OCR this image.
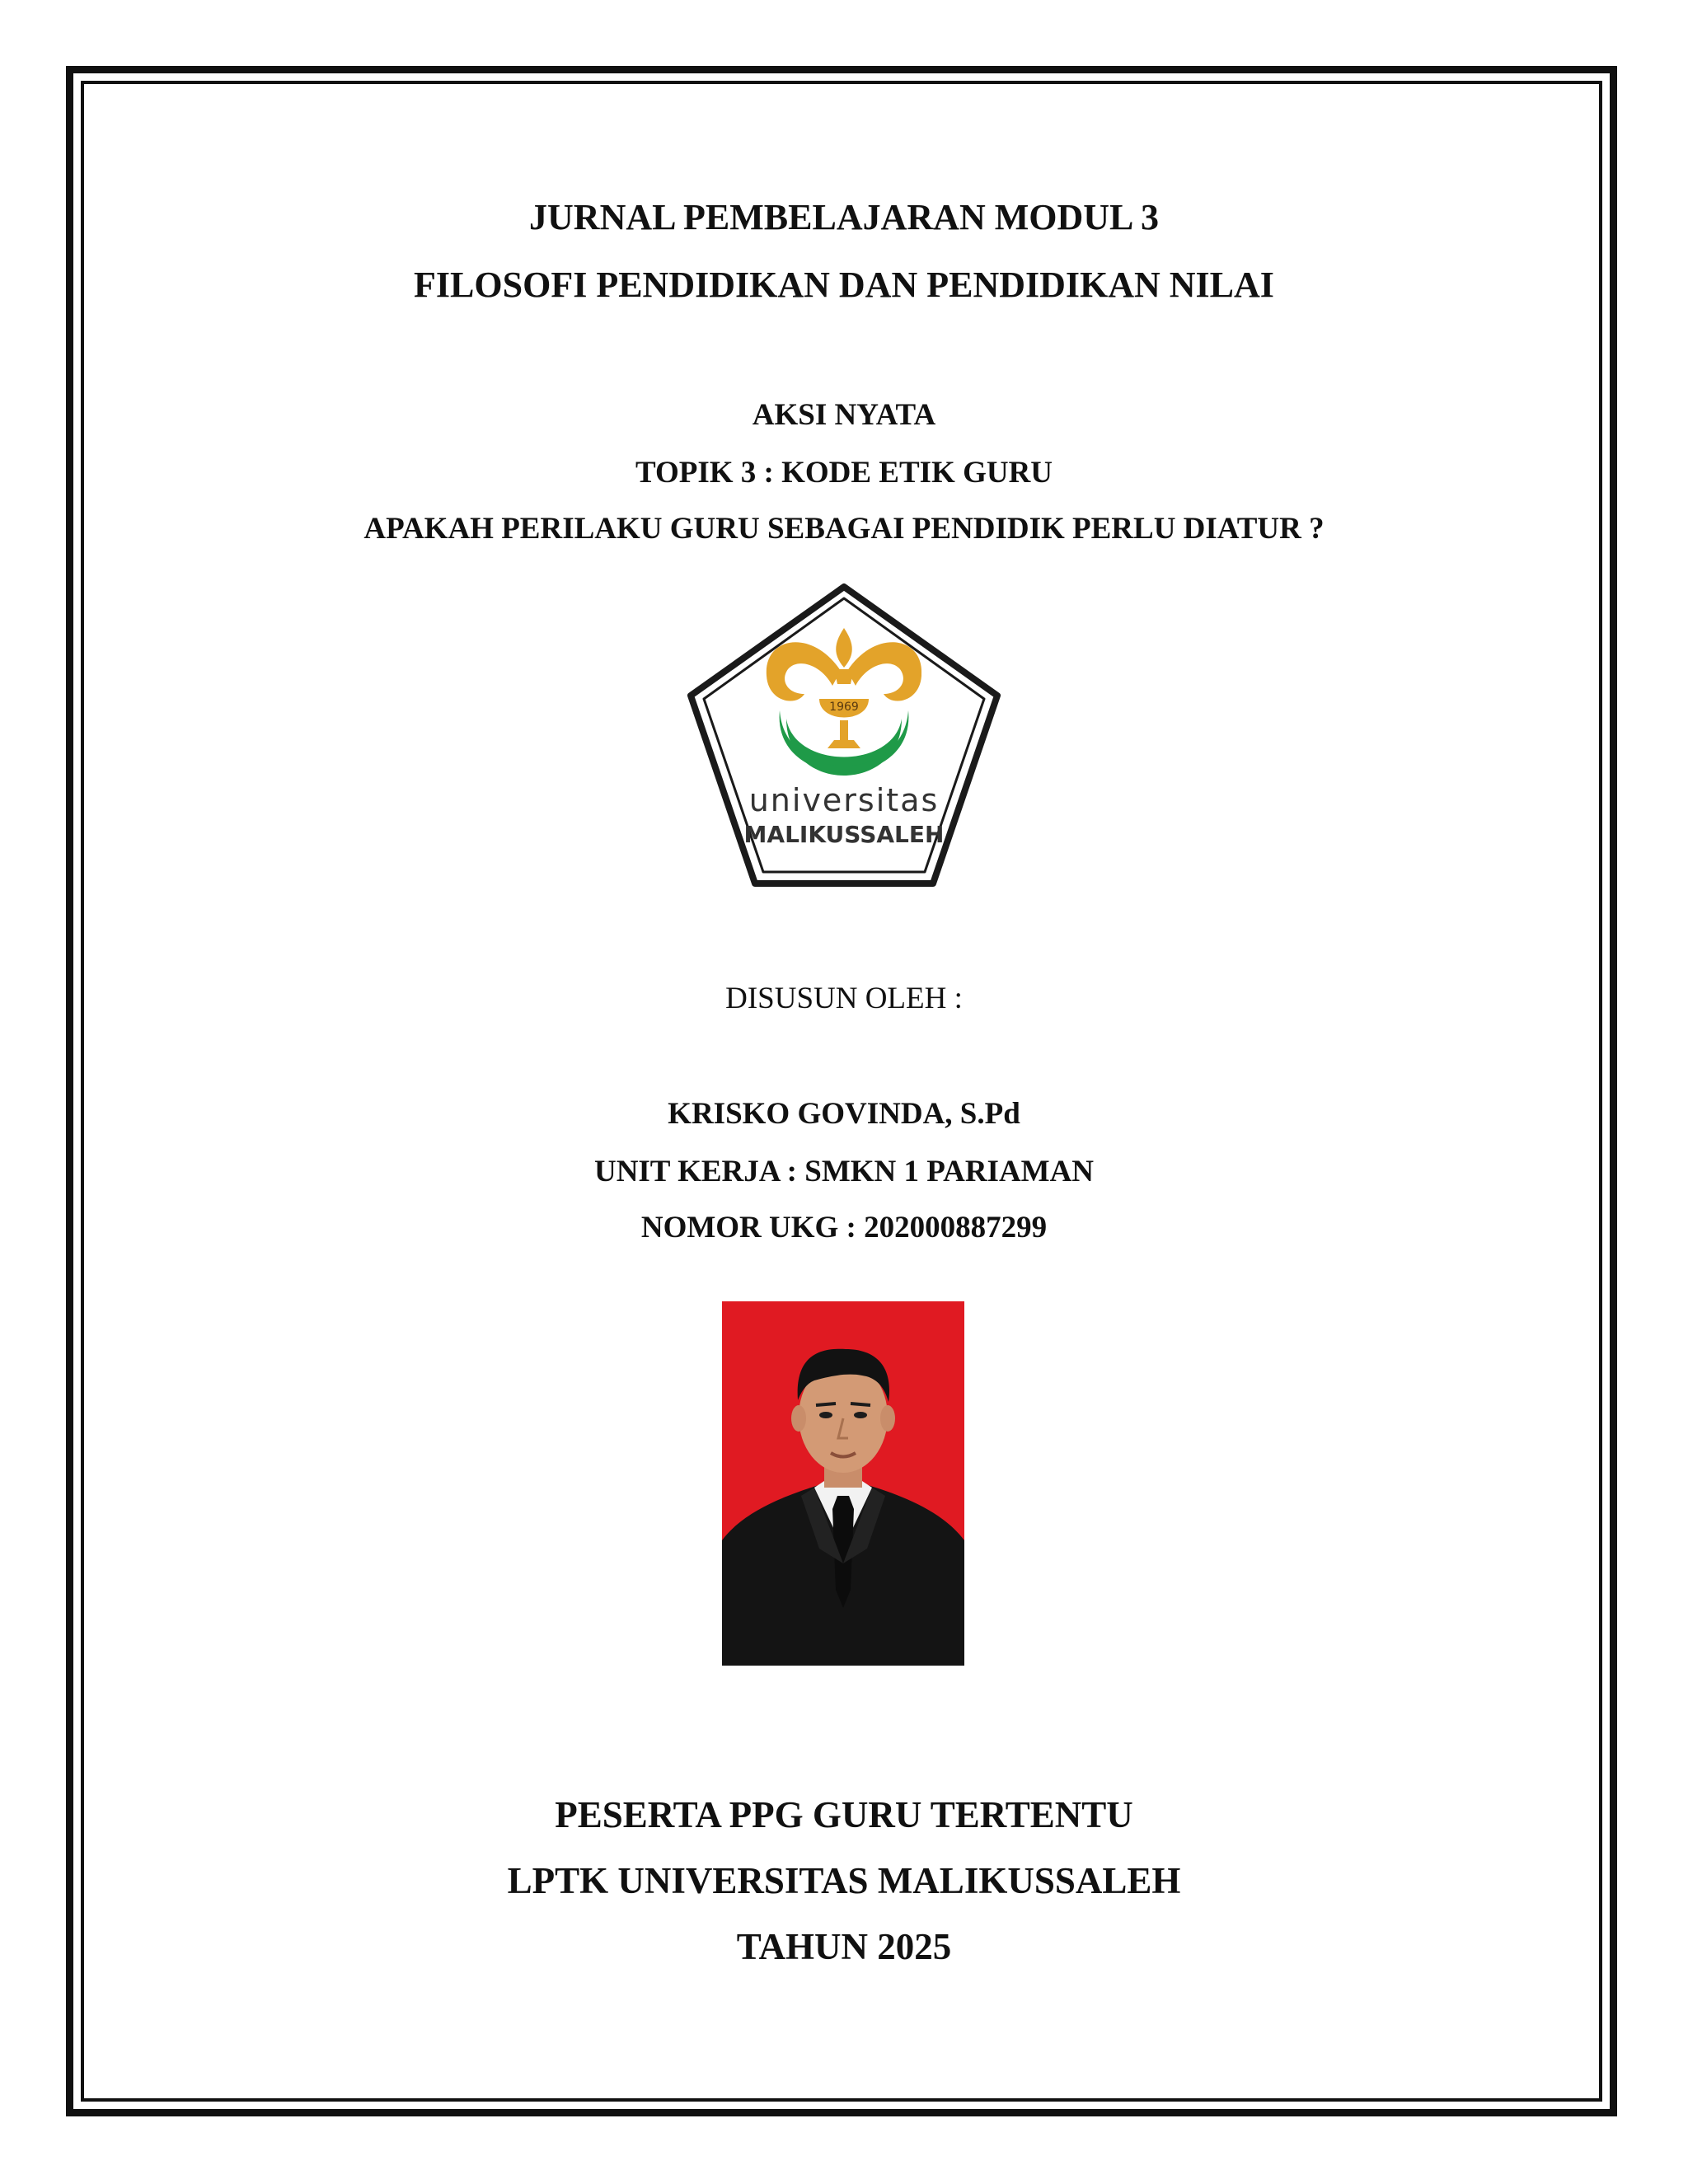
JURNAL PEMBELAJARAN MODUL 3
FILOSOFI PENDIDIKAN DAN PENDIDIKAN NILAI
AKSI NYATA
TOPIK 3 : KODE ETIK GURU
APAKAH PERILAKU GURU SEBAGAI PENDIDIK PERLU DIATUR ?
1969
universitas
MALIKUSSALEH
DISUSUN OLEH :
KRISKO GOVINDA, S.Pd
UNIT KERJA : SMKN 1 PARIAMAN
NOMOR UKG : 202000887299
PESERTA PPG GURU TERTENTU
LPTK UNIVERSITAS MALIKUSSALEH
TAHUN 2025
